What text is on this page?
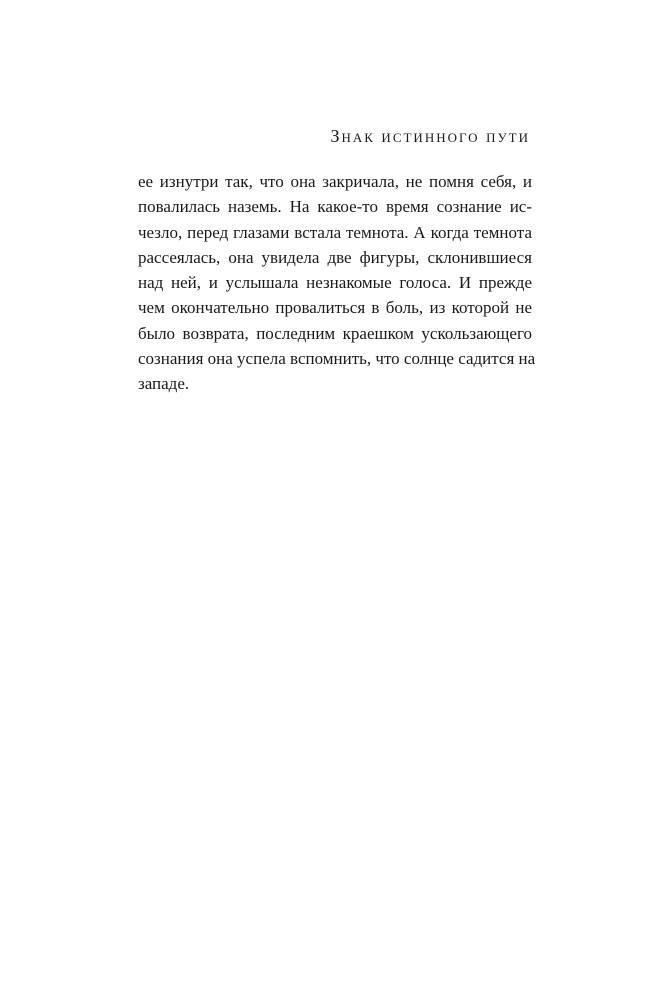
Знак истинного пути
ее изнутри так, что она закричала, не помня себя, и
повалилась наземь. На какое-то время сознание ис-
чезло, перед глазами встала темнота. А когда темнота
рассеялась, она увидела две фигуры, склонившиеся
над ней, и услышала незнакомые голоса. И прежде
чем окончательно провалиться в боль, из которой не
было возврата, последним краешком ускользающего
сознания она успела вспомнить, что солнце садится на
западе.
